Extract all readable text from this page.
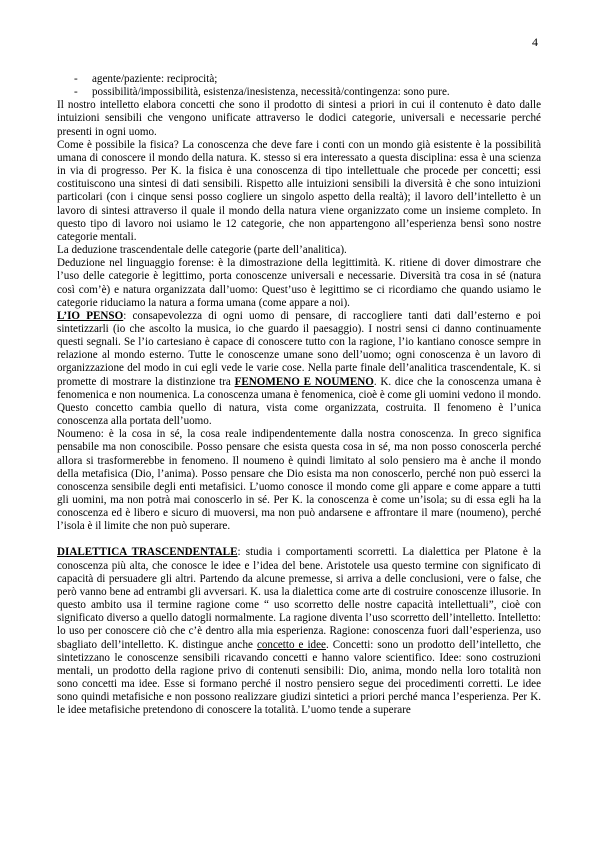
4
- agente/paziente: reciprocità;
- possibilità/impossibilità, esistenza/inesistenza, necessità/contingenza: sono pure.

Il nostro intelletto elabora concetti che sono il prodotto di sintesi a priori in cui il contenuto è dato dalle intuizioni sensibili che vengono unificate attraverso le dodici categorie, universali e necessarie perché presenti in ogni uomo.

Come è possibile la fisica? La conoscenza che deve fare i conti con un mondo già esistente è la possibilità umana di conoscere il mondo della natura. K. stesso si era interessato a questa disciplina: essa è una scienza in via di progresso. Per K. la fisica è una conoscenza di tipo intellettuale che procede per concetti; essi costituiscono una sintesi di dati sensibili. Rispetto alle intuizioni sensibili la diversità è che sono intuizioni particolari (con i cinque sensi posso cogliere un singolo aspetto della realtà); il lavoro dell’intelletto è un lavoro di sintesi attraverso il quale il mondo della natura viene organizzato come un insieme completo. In questo tipo di lavoro noi usiamo le 12 categorie, che non appartengono all’esperienza bensì sono nostre categorie mentali.

La deduzione trascendentale delle categorie (parte dell’analitica).

Deduzione nel linguaggio forense: è la dimostrazione della legittimità. K. ritiene di dover dimostrare che l’uso delle categorie è legittimo, porta conoscenze universali e necessarie. Diversità tra cosa in sé (natura così com’è) e natura organizzata dall’uomo: Quest’uso è legittimo se ci ricordiamo che quando usiamo le categorie riduciamo la natura a forma umana (come appare a noi).

L’IO PENSO: consapevolezza di ogni uomo di pensare, di raccogliere tanti dati dall’esterno e poi sintetizzarli (io che ascolto la musica, io che guardo il paesaggio). I nostri sensi ci danno continuamente questi segnali. Se l’io cartesiano è capace di conoscere tutto con la ragione, l’io kantiano conosce sempre in relazione al mondo esterno. Tutte le conoscenze umane sono dell’uomo; ogni conoscenza è un lavoro di organizzazione del modo in cui egli vede le varie cose. Nella parte finale dell’analitica trascendentale, K. si promette di mostrare la distinzione tra FENOMENO E NOUMENO. K. dice che la conoscenza umana è fenomenica e non noumenica. La conoscenza umana è fenomenica, cioè è come gli uomini vedono il mondo. Questo concetto cambia quello di natura, vista come organizzata, costruita. Il fenomeno è l’unica conoscenza alla portata dell’uomo.

Noumeno: è la cosa in sé, la cosa reale indipendentemente dalla nostra conoscenza. In greco significa pensabile ma non conoscibile. Posso pensare che esista questa cosa in sé, ma non posso conoscerla perché allora si trasformerebbe in fenomeno. Il noumeno è quindi limitato al solo pensiero ma è anche il mondo della metafisica (Dio, l’anima). Posso pensare che Dio esista ma non conoscerlo, perché non può esserci la conoscenza sensibile degli enti metafisici. L’uomo conosce il mondo come gli appare e come appare a tutti gli uomini, ma non potrà mai conoscerlo in sé. Per K. la conoscenza è come un’isola; su di essa egli ha la conoscenza ed è libero e sicuro di muoversi, ma non può andarsene e affrontare il mare (noumeno), perché l’isola è il limite che non può superare.

DIALETTICA TRASCENDENTALE: studia i comportamenti scorretti. La dialettica per Platone è la conoscenza più alta, che conosce le idee e l’idea del bene. Aristotele usa questo termine con significato di capacità di persuadere gli altri. Partendo da alcune premesse, si arriva a delle conclusioni, vere o false, che però vanno bene ad entrambi gli avversari. K. usa la dialettica come arte di costruire conoscenze illusorie. In questo ambito usa il termine ragione come “ uso scorretto delle nostre capacità intellettuali”, cioè con significato diverso a quello datogli normalmente. La ragione diventa l’uso scorretto dell’intelletto. Intelletto: lo uso per conoscere ciò che c’è dentro alla mia esperienza. Ragione: conoscenza fuori dall’esperienza, uso sbagliato dell’intelletto. K. distingue anche concetto e idee. Concetti: sono un prodotto dell’intelletto, che sintetizzano le conoscenze sensibili ricavando concetti e hanno valore scientifico. Idee: sono costruzioni mentali, un prodotto della ragione privo di contenuti sensibili: Dio, anima, mondo nella loro totalità non sono concetti ma idee. Esse si formano perché il nostro pensiero segue dei procedimenti corretti. Le idee sono quindi metafisiche e non possono realizzare giudizi sintetici a priori perché manca l’esperienza. Per K. le idee metafisiche pretendono di conoscere la totalità. L’uomo tende a superare
